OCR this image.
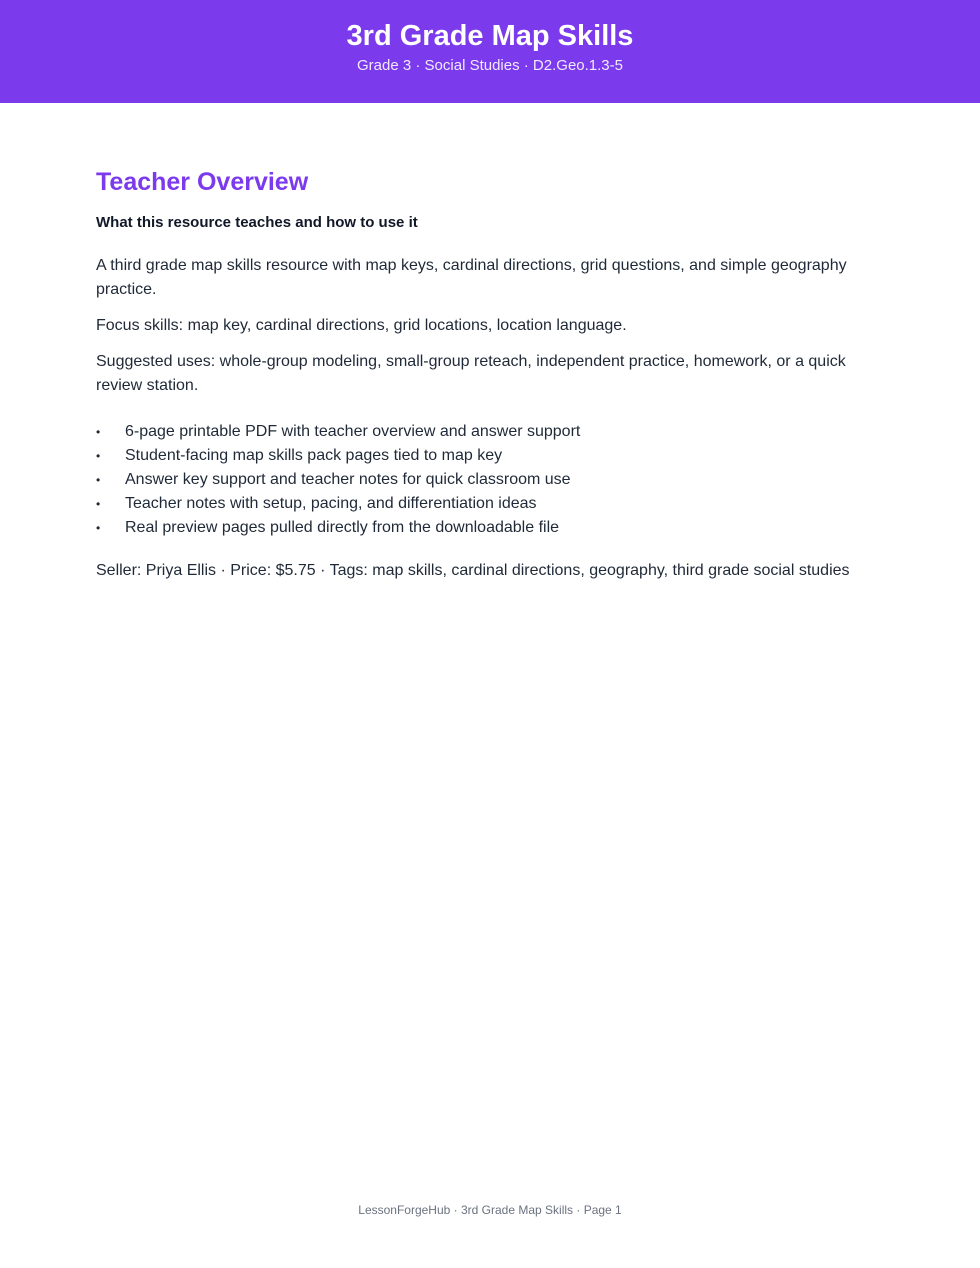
3rd Grade Map Skills
Grade 3 · Social Studies · D2.Geo.1.3-5
Teacher Overview
What this resource teaches and how to use it

A third grade map skills resource with map keys, cardinal directions, grid questions, and simple geography practice.

Focus skills: map key, cardinal directions, grid locations, location language.

Suggested uses: whole-group modeling, small-group reteach, independent practice, homework, or a quick review station.

• 6-page printable PDF with teacher overview and answer support
• Student-facing map skills pack pages tied to map key
• Answer key support and teacher notes for quick classroom use
• Teacher notes with setup, pacing, and differentiation ideas
• Real preview pages pulled directly from the downloadable file

Seller: Priya Ellis · Price: $5.75 · Tags: map skills, cardinal directions, geography, third grade social studies

LessonForgeHub · 3rd Grade Map Skills · Page 1
